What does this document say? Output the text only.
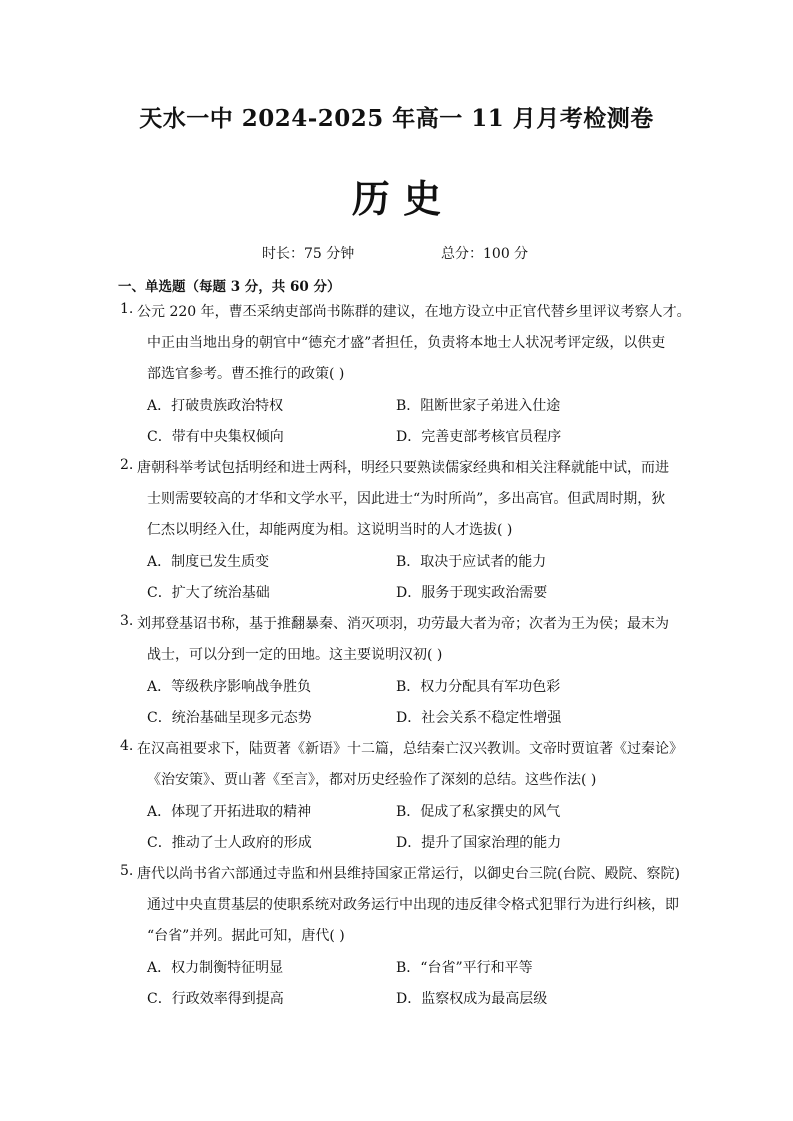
天水一中 2024-2025 年高一 11 月月考检测卷
历 史
时长：75 分钟	总分：100 分
一、单选题（每题 3 分，共 60 分）
1. 公元 220 年，曹丕采纳吏部尚书陈群的建议，在地方设立中正官代替乡里评议考察人才。
中正由当地出身的朝官中“德充才盛”者担任，负责将本地士人状况考评定级，以供吏
部选官参考。曹丕推行的政策( )
A．打破贵族政治特权	B．阻断世家子弟进入仕途
C．带有中央集权倾向	D．完善吏部考核官员程序
2. 唐朝科举考试包括明经和进士两科，明经只要熟读儒家经典和相关注释就能中试，而进
士则需要较高的才华和文学水平，因此进士“为时所尚”，多出高官。但武周时期，狄
仁杰以明经入仕，却能两度为相。这说明当时的人才选拔( )
A．制度已发生质变	B．取决于应试者的能力
C．扩大了统治基础	D．服务于现实政治需要
3. 刘邦登基诏书称，基于推翻暴秦、消灭项羽，功劳最大者为帝；次者为王为侯；最末为
战士，可以分到一定的田地。这主要说明汉初( )
A．等级秩序影响战争胜负	B．权力分配具有军功色彩
C．统治基础呈现多元态势	D．社会关系不稳定性增强
4. 在汉高祖要求下，陆贾著《新语》十二篇，总结秦亡汉兴教训。文帝时贾谊著《过秦论》
《治安策》、贾山著《至言》，都对历史经验作了深刻的总结。这些作法( )
A．体现了开拓进取的精神	B．促成了私家撰史的风气
C．推动了士人政府的形成	D．提升了国家治理的能力
5. 唐代以尚书省六部通过寺监和州县维持国家正常运行，以御史台三院(台院、殿院、察院)
通过中央直贯基层的使职系统对政务运行中出现的违反律令格式犯罪行为进行纠核，即
“台省”并列。据此可知，唐代( )
A．权力制衡特征明显	B．“台省”平行和平等
C．行政效率得到提高	D．监察权成为最高层级
